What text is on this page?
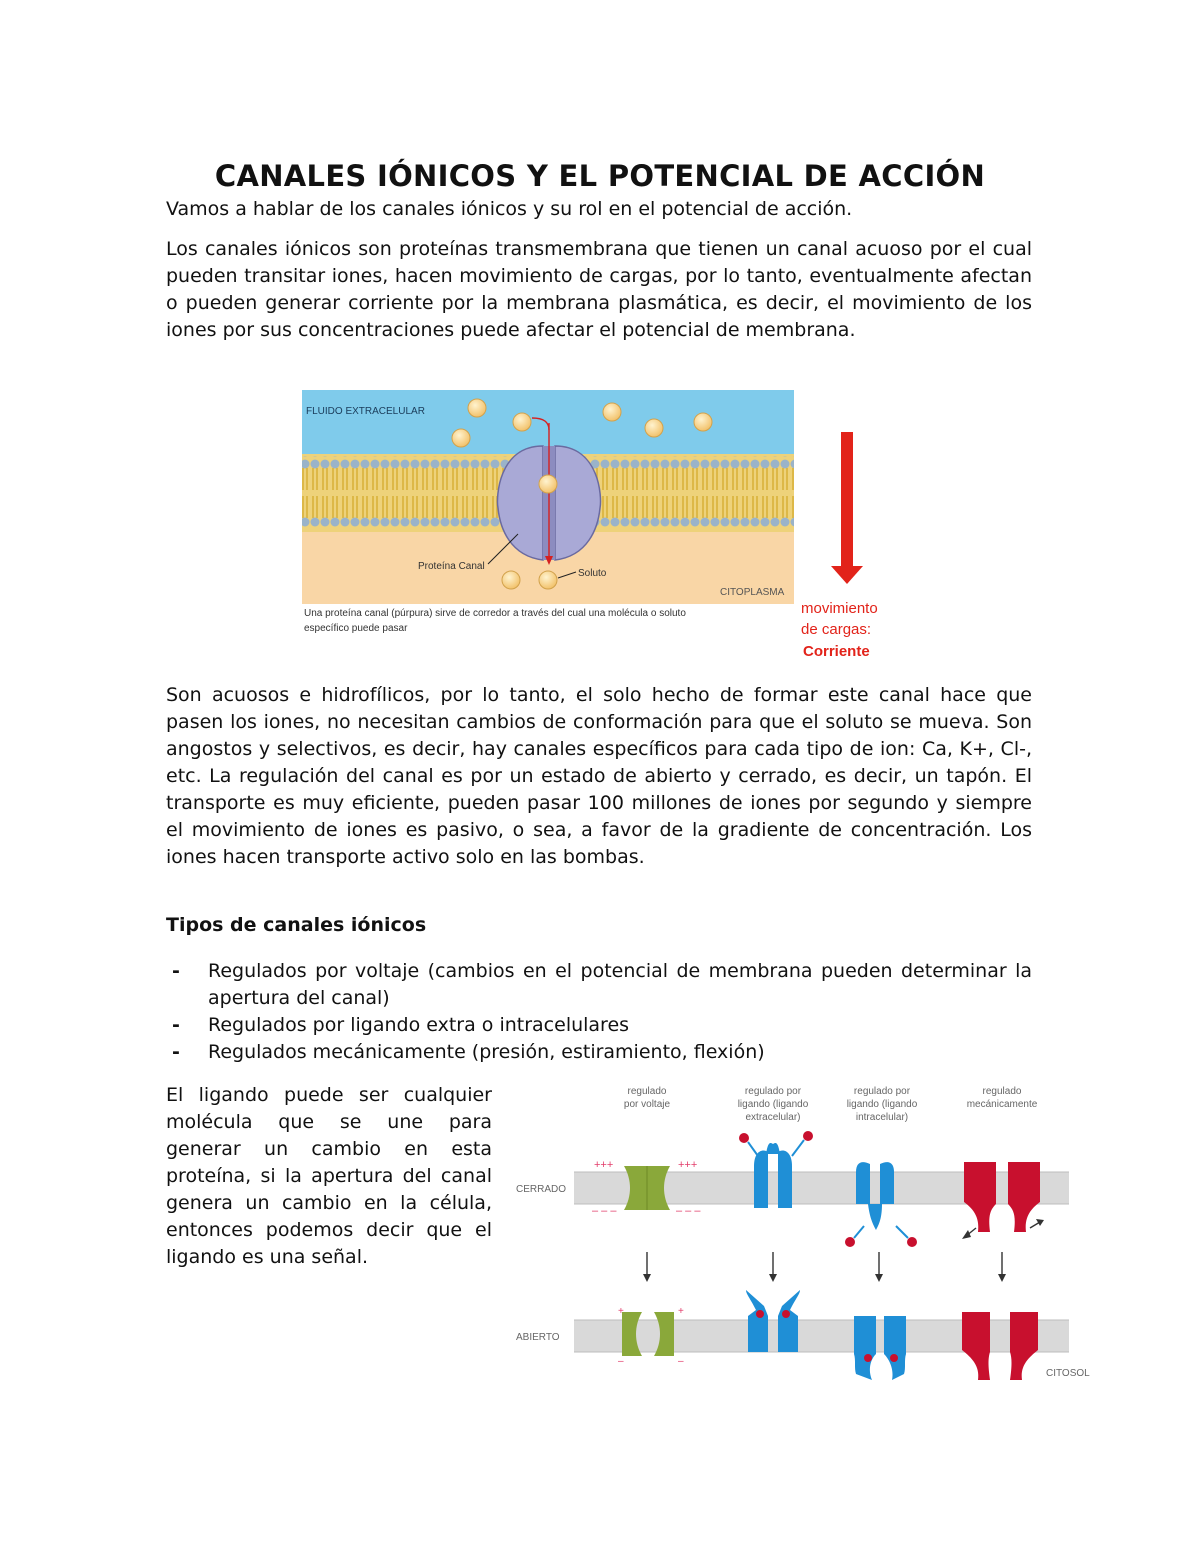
CANALES IÓNICOS Y EL POTENCIAL DE ACCIÓN

Vamos a hablar de los canales iónicos y su rol en el potencial de acción.

Los canales iónicos son proteínas transmembrana que tienen un canal acuoso por el cual pueden transitar iones, hacen movimiento de cargas, por lo tanto, eventualmente afectan o pueden generar corriente por la membrana plasmática, es decir, el movimiento de los iones por sus concentraciones puede afectar el potencial de membrana.

FLUIDO EXTRACELULAR
Proteína Canal
Soluto
CITOPLASMA
Una proteína canal (púrpura) sirve de corredor a través del cual una molécula o soluto
específico puede pasar
movimiento
de cargas:
Corriente

Son acuosos e hidrofílicos, por lo tanto, el solo hecho de formar este canal hace que pasen los iones, no necesitan cambios de conformación para que el soluto se mueva. Son angostos y selectivos, es decir, hay canales específicos para cada tipo de ion: Ca, K+, Cl-, etc. La regulación del canal es por un estado de abierto y cerrado, es decir, un tapón. El transporte es muy eficiente, pueden pasar 100 millones de iones por segundo y siempre el movimiento de iones es pasivo, o sea, a favor de la gradiente de concentración. Los iones hacen transporte activo solo en las bombas.

Tipos de canales iónicos
- Regulados por voltaje (cambios en el potencial de membrana pueden determinar la apertura del canal)
- Regulados por ligando extra o intracelulares
- Regulados mecánicamente (presión, estiramiento, flexión)

El ligando puede ser cualquier molécula que se une para generar un cambio en esta proteína, si la apertura del canal genera un cambio en la célula, entonces podemos decir que el ligando es una señal.

regulado
por voltaje
regulado por
ligando (ligando
extracelular)
regulado por
ligando (ligando
intracelular)
regulado
mecánicamente
CERRADO
ABIERTO
CITOSOL
+++	+++
– – –	– – –
+	+
–	–
